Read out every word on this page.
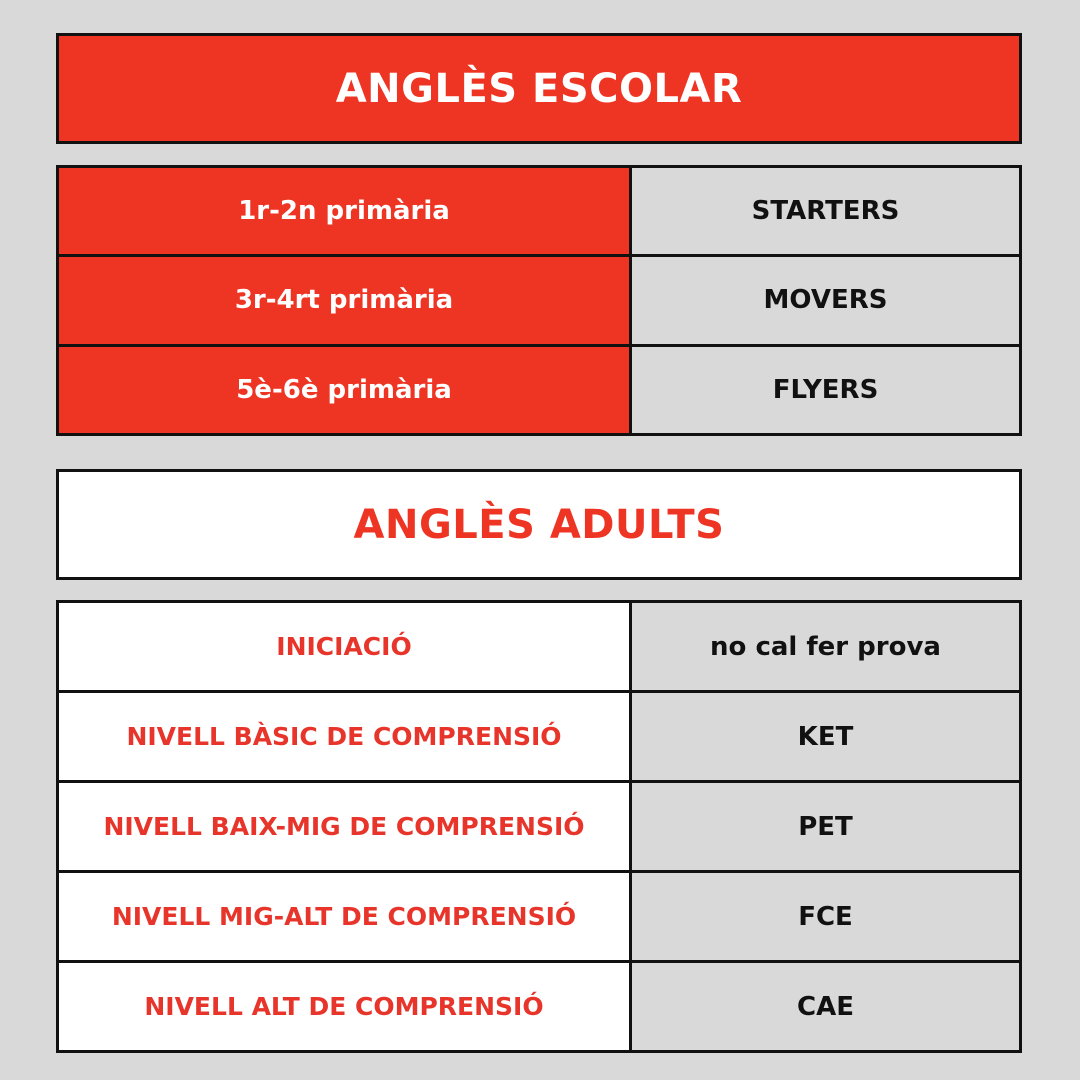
ANGLÈS ESCOLAR
1r-2n primària	STARTERS
3r-4rt primària	MOVERS
5è-6è primària	FLYERS
ANGLÈS ADULTS
INICIACIÓ	no cal fer prova
NIVELL BÀSIC DE COMPRENSIÓ	KET
NIVELL BAIX-MIG DE COMPRENSIÓ	PET
NIVELL MIG-ALT DE COMPRENSIÓ	FCE
NIVELL ALT DE COMPRENSIÓ	CAE
